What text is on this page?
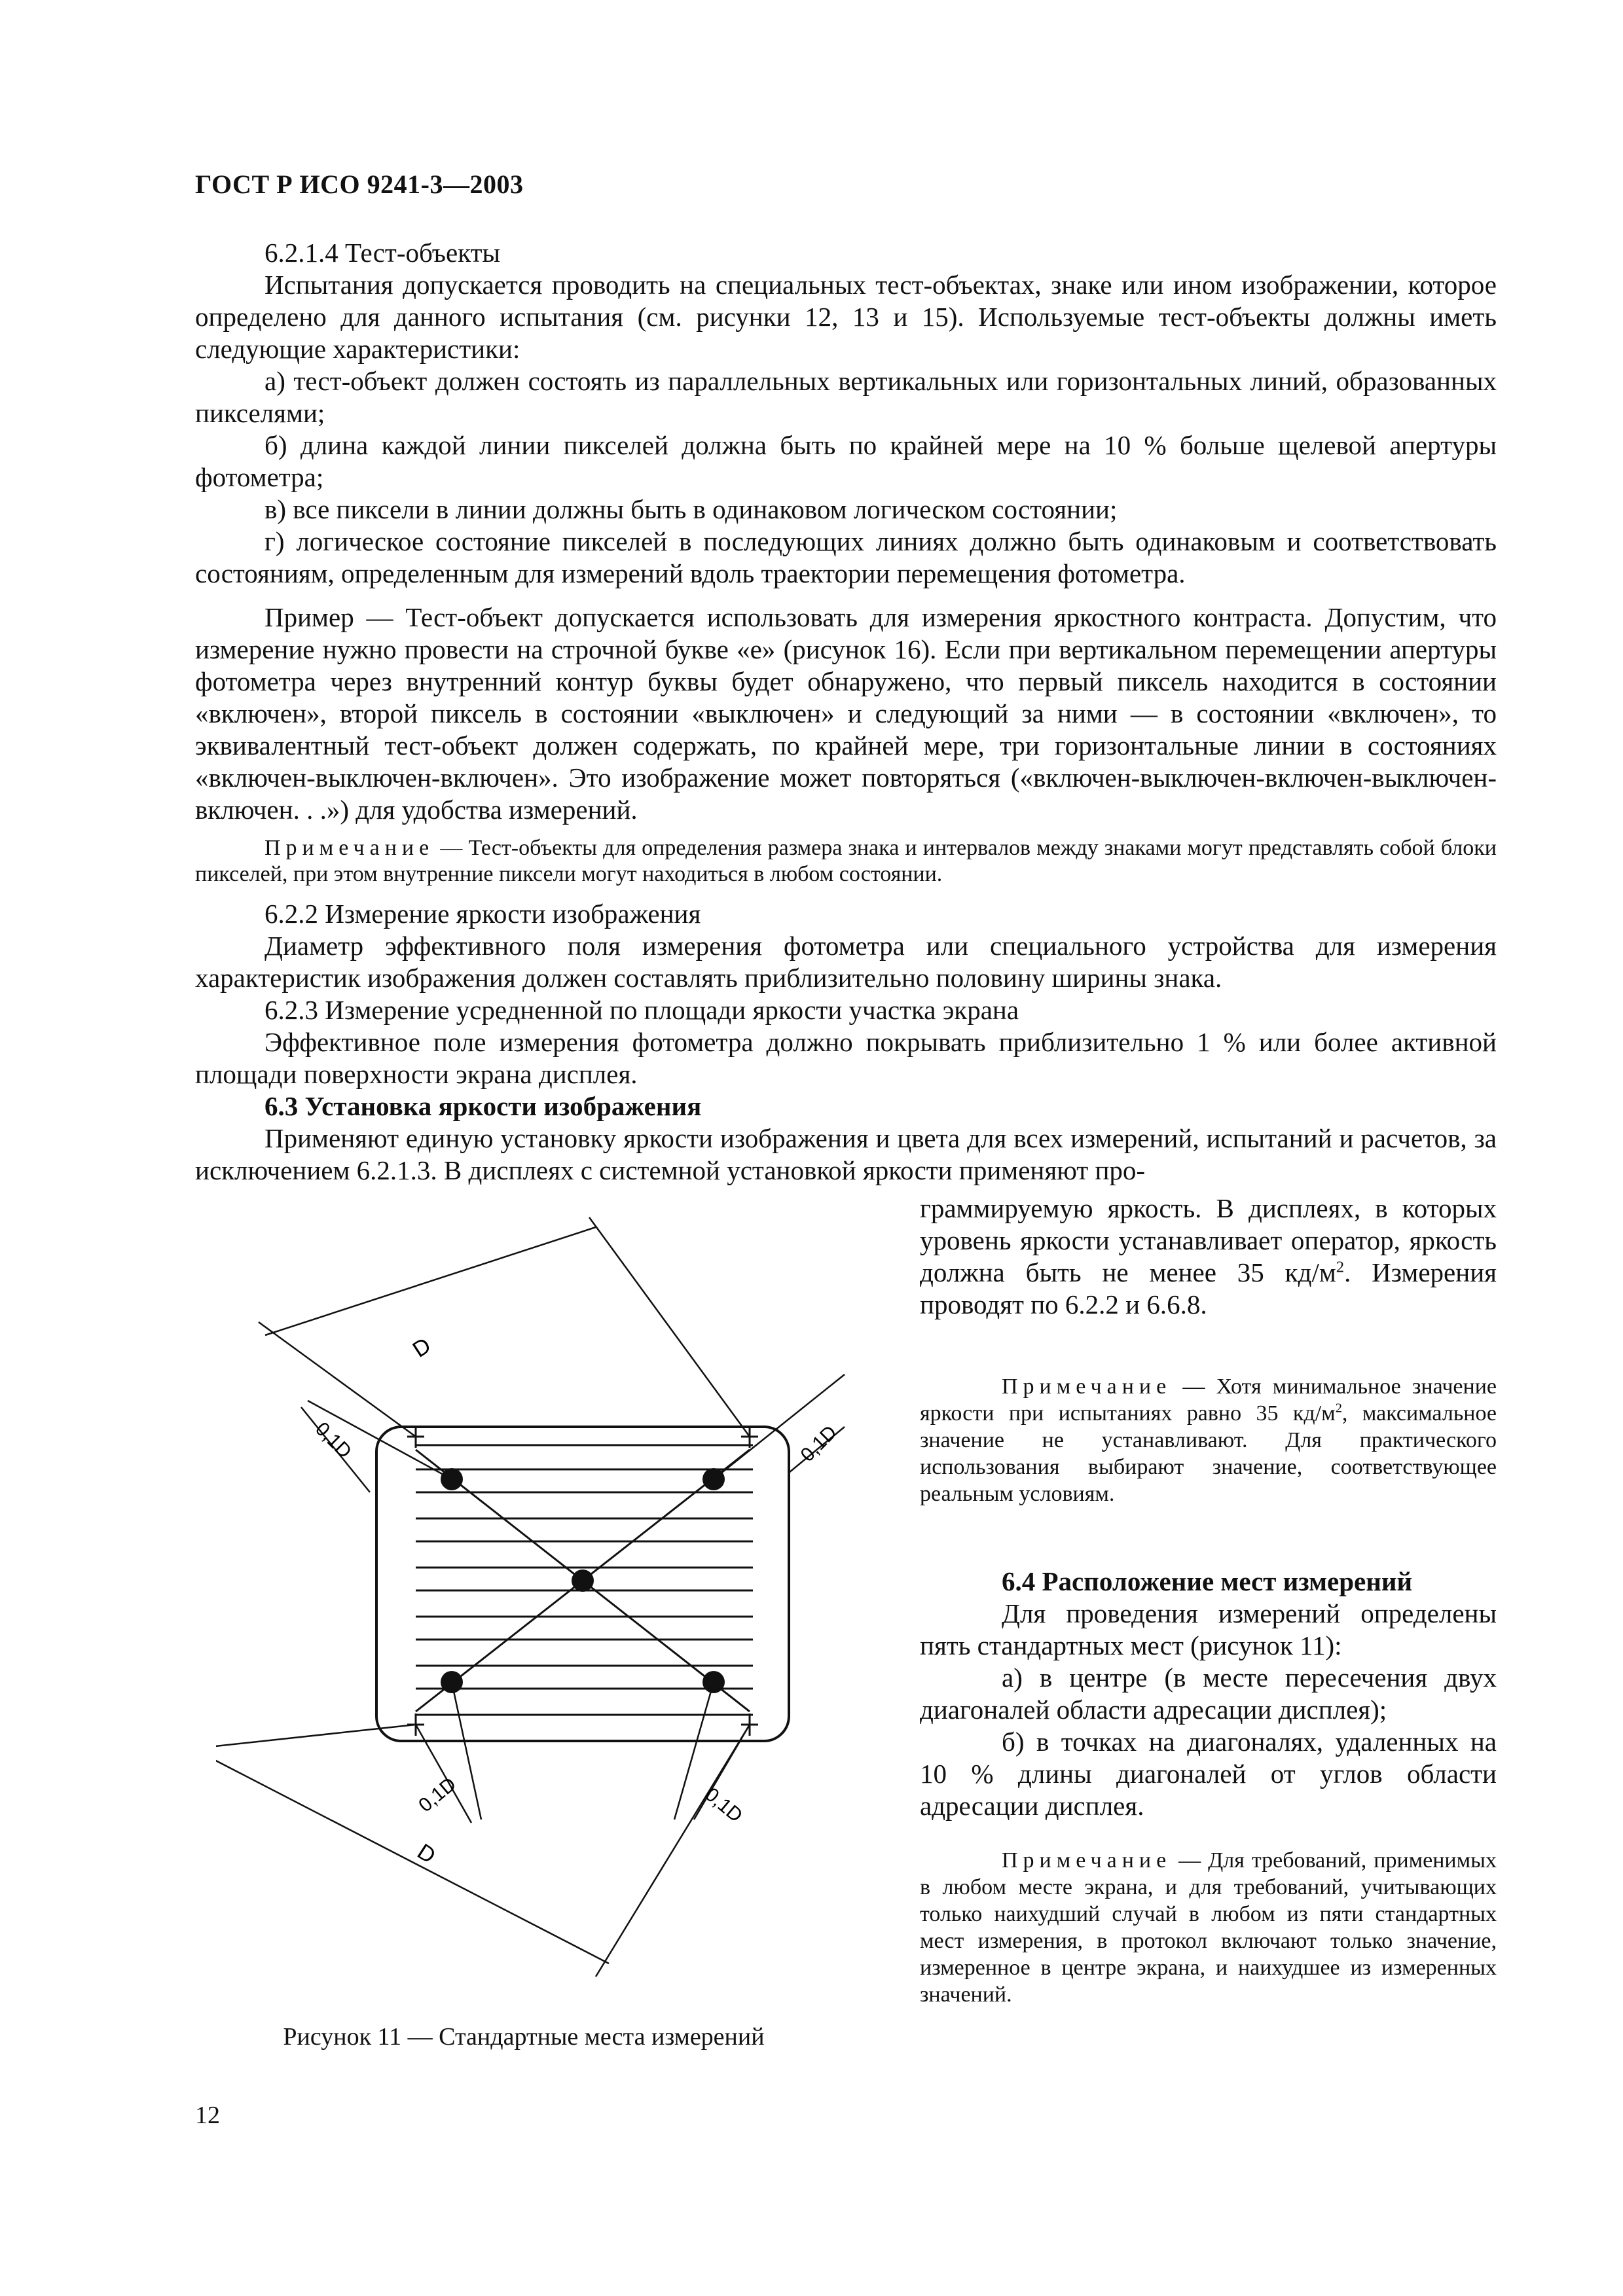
ГОСТ Р ИСО 9241-3—2003

6.2.1.4 Тест-объекты

Испытания допускается проводить на специальных тест-объектах, знаке или ином изображении, которое определено для данного испытания (см. рисунки 12, 13 и 15). Используемые тест-объекты должны иметь следующие характеристики:

а) тест-объект должен состоять из параллельных вертикальных или горизонтальных линий, образованных пикселями;

б) длина каждой линии пикселей должна быть по крайней мере на 10 % больше щелевой апертуры фотометра;

в) все пиксели в линии должны быть в одинаковом логическом состоянии;

г) логическое состояние пикселей в последующих линиях должно быть одинаковым и соответствовать состояниям, определенным для измерений вдоль траектории перемещения фотометра.

Пример — Тест-объект допускается использовать для измерения яркостного контраста. Допустим, что измерение нужно провести на строчной букве «е» (рисунок 16). Если при вертикальном перемещении апертуры фотометра через внутренний контур буквы будет обнаружено, что первый пиксель находится в состоянии «включен», второй пиксель в состоянии «выключен» и следующий за ними — в состоянии «включен», то эквивалентный тест-объект должен содержать, по крайней мере, три горизонтальные линии в состояниях «включен-выключен-включен». Это изображение может повторяться («включен-выключен-включен-выключен-включен. . .») для удобства измерений.

Примечание — Тест-объекты для определения размера знака и интервалов между знаками могут представлять собой блоки пикселей, при этом внутренние пиксели могут находиться в любом состоянии.

6.2.2 Измерение яркости изображения

Диаметр эффективного поля измерения фотометра или специального устройства для измерения характеристик изображения должен составлять приблизительно половину ширины знака.

6.2.3 Измерение усредненной по площади яркости участка экрана

Эффективное поле измерения фотометра должно покрывать приблизительно 1 % или более активной площади поверхности экрана дисплея.

6.3 Установка яркости изображения

Применяют единую установку яркости изображения и цвета для всех измерений, испытаний и расчетов, за исключением 6.2.1.3. В дисплеях с системной установкой яркости применяют про-

граммируемую яркость. В дисплеях, в которых уровень яркости устанавливает оператор, яркость должна быть не менее 35 $кд/м^2$. Измерения проводят по 6.2.2 и 6.6.8.

Примечание — Хотя минимальное значение яркости при испытаниях равно 35 $кд/м^2$, максимальное значение не устанавливают. Для практического использования выбирают значение, соответствующее реальным условиям.

6.4 Расположение мест измерений

Для проведения измерений определены пять стандартных мест (рисунок 11):

а) в центре (в месте пересечения двух диагоналей области адресации дисплея);

б) в точках на диагоналях, удаленных на 10 % длины диагоналей от углов области адресации дисплея.

Примечание — Для требований, применимых в любом месте экрана, и для требований, учитывающих только наихудший случай в любом из пяти стандартных мест измерения, в протокол включают только значение, измеренное в центре экрана, и наихудшее из измеренных значений.

D
0,1D	0,1D
D
0,1D	0,1D
Рисунок 11 — Стандартные места измерений
12
